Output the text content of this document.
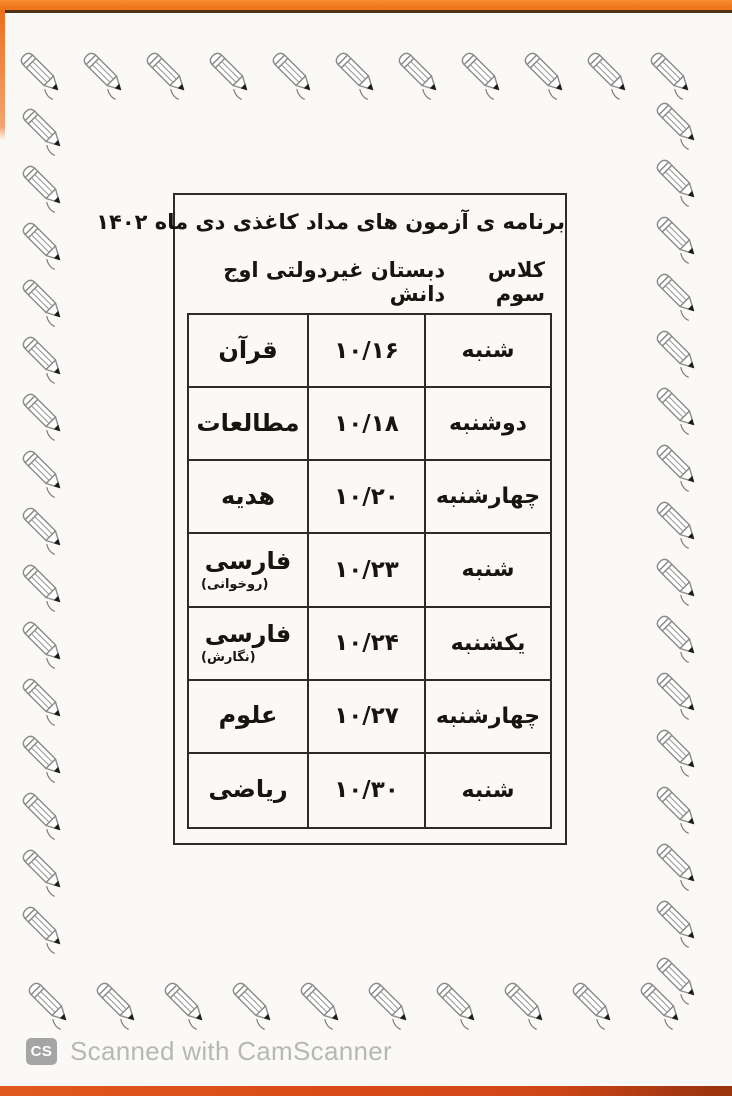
برنامه ی آزمون های مداد کاغذی دی ماه ۱۴۰۲
کلاس سوم
دبستان غیردولتی اوج دانش
شنبه
۱۰/۱۶
قرآن
دوشنبه
۱۰/۱۸
مطالعات
چهارشنبه
۱۰/۲۰
هدیه
شنبه
۱۰/۲۳
فارسی
(روخوانی)
یکشنبه
۱۰/۲۴
فارسی
(نگارش)
چهارشنبه
۱۰/۲۷
علوم
شنبه
۱۰/۳۰
ریاضی
CS Scanned with CamScanner
